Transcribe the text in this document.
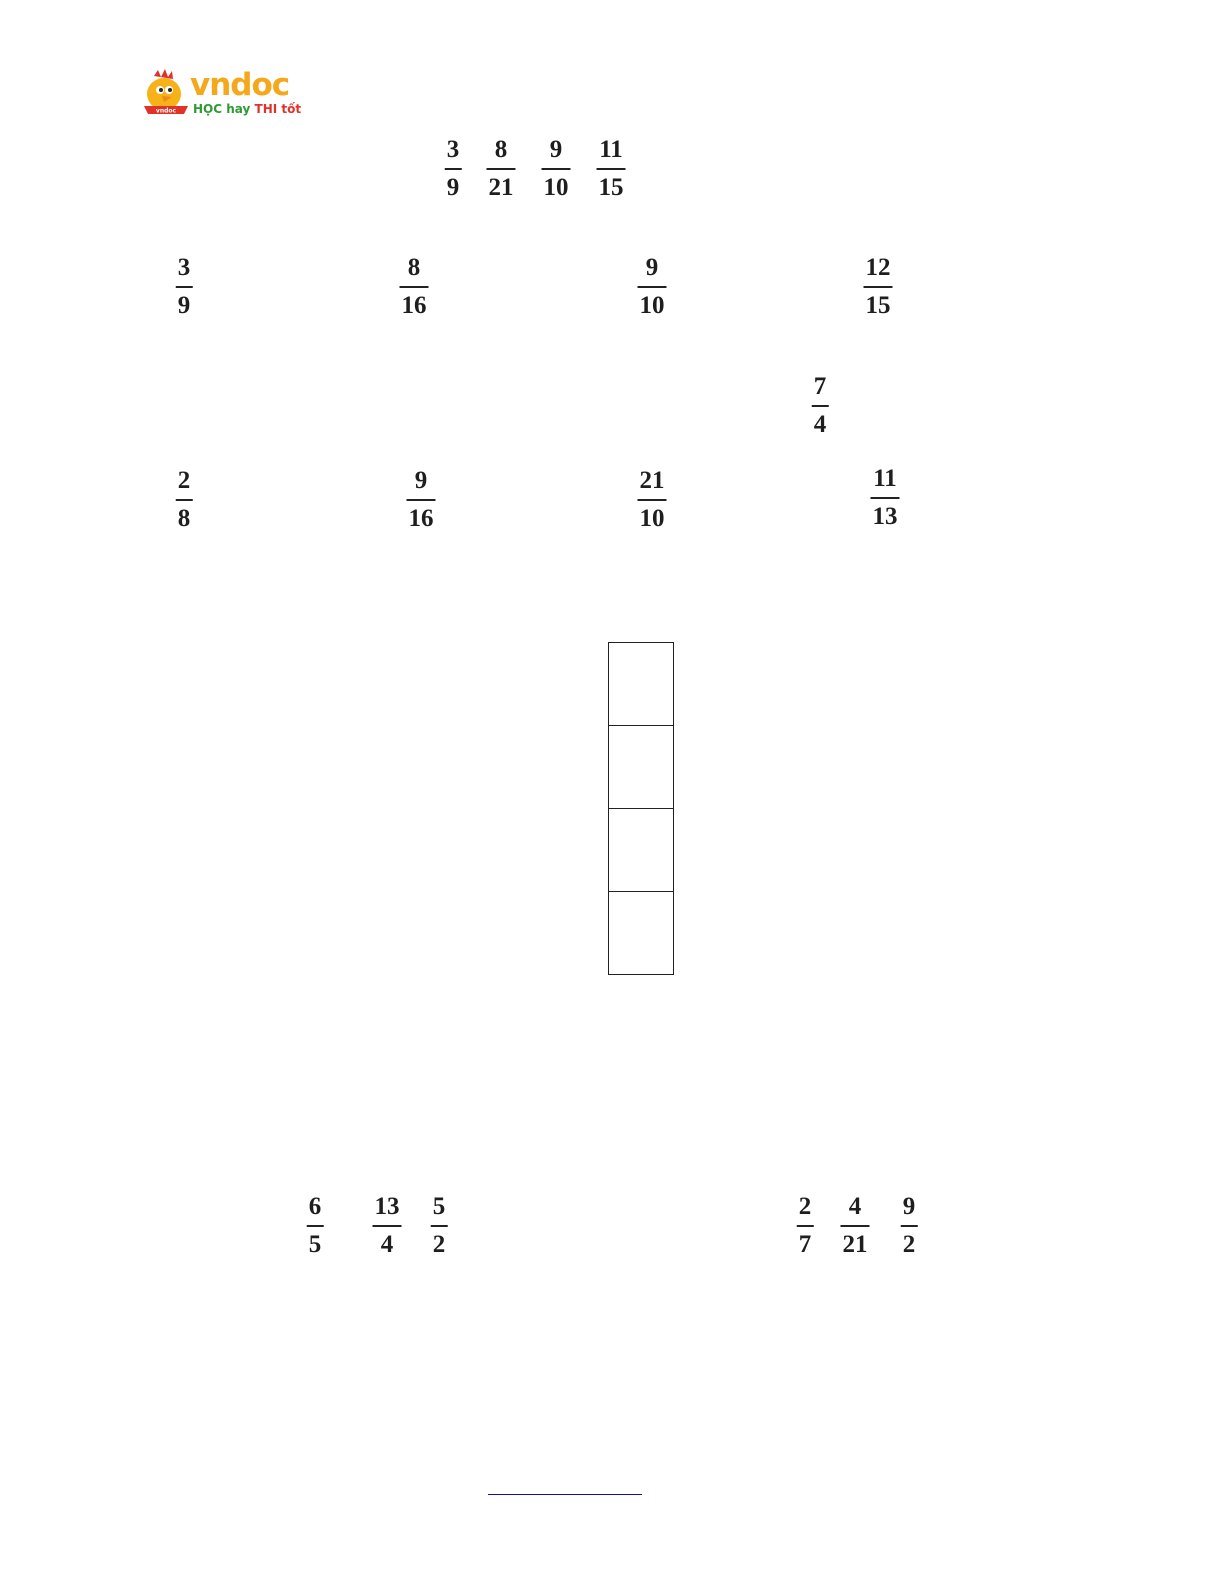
vndoc
vndoc
HỌC hay THI tốt
3
9
8
21
9
10
11
15
3
9
8
16
9
10
12
15
7
4
2
8
9
16
21
10
11
13
6
5
13
4
5
2
2
7
4
21
9
2
